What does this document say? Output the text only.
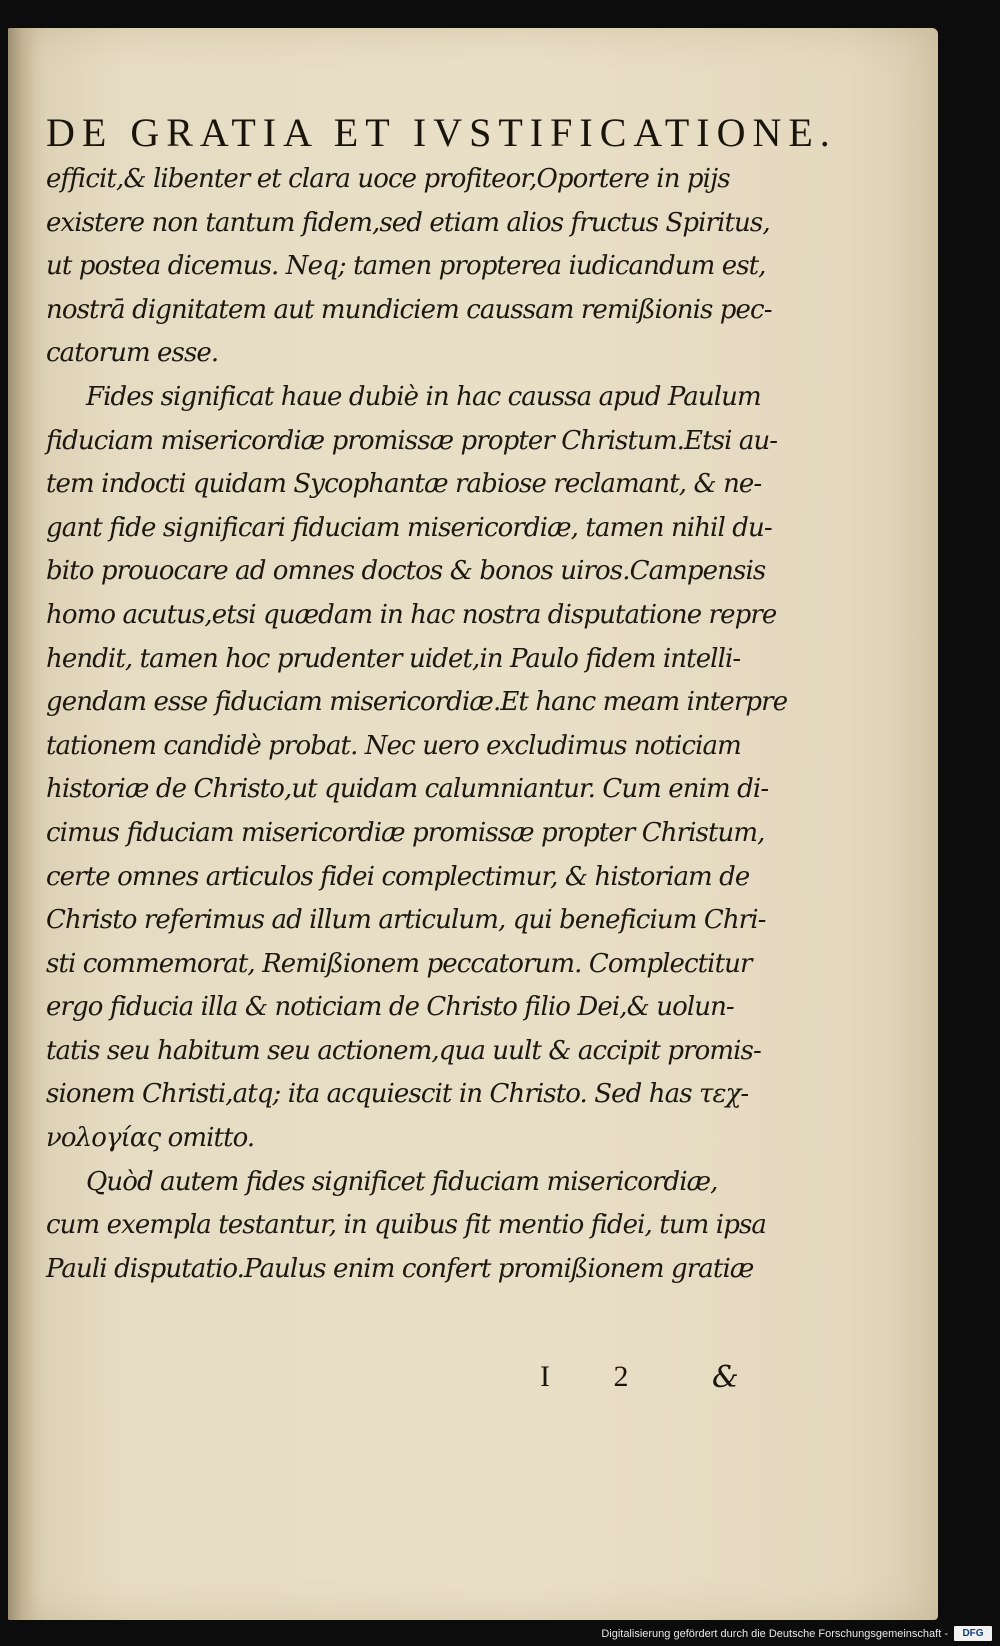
DE GRATIA ET IVSTIFICATIONE.
efficit,& libenter et clara uoce profiteor,Oportere in pijs
existere non tantum fidem,sed etiam alios fructus Spiritus,
ut postea dicemus. Neq; tamen propterea iudicandum est,
nostrā dignitatem aut mundiciem caussam remißionis pec‑
catorum esse.
Fides significat haue dubiè in hac caussa apud Paulum
fiduciam misericordiæ promissæ propter Christum.Etsi au‑
tem indocti quidam Sycophantæ rabiose reclamant, & ne‑
gant fide significari fiduciam misericordiæ, tamen nihil du‑
bito prouocare ad omnes doctos & bonos uiros.Campensis
homo acutus,etsi quædam in hac nostra disputatione repre
hendit, tamen hoc prudenter uidet,in Paulo fidem intelli‑
gendam esse fiduciam misericordiæ.Et hanc meam interpre
tationem candidè probat. Nec uero excludimus noticiam
historiæ de Christo,ut quidam calumniantur. Cum enim di‑
cimus fiduciam misericordiæ promissæ propter Christum,
certe omnes articulos fidei complectimur, & historiam de
Christo referimus ad illum articulum, qui beneficium Chri‑
sti commemorat, Remißionem peccatorum. Complectitur
ergo fiducia illa & noticiam de Christo filio Dei,& uolun‑
tatis seu habitum seu actionem,qua uult & accipit promis‑
sionem Christi,atq; ita acquiescit in Christo. Sed has τεχ‑
νολογίας omitto.
Quòd autem fides significet fiduciam misericordiæ,
cum exempla testantur, in quibus fit mentio fidei, tum ipsa
Pauli disputatio.Paulus enim confert promißionem gratiæ
I 2 &
Digitalisierung gefördert durch die Deutsche Forschungsgemeinschaft -	DFG
